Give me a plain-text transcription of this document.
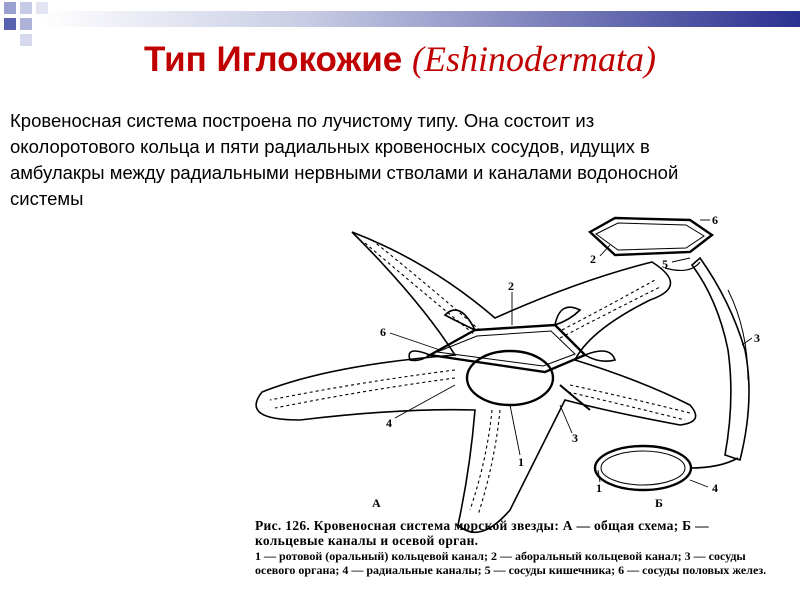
Тип Иглокожие (Eshinodermata)
Кровеносная система построена по лучистому типу. Она состоит из околоротового кольца и пяти радиальных кровеносных сосудов, идущих в амбулакры между радиальными нервными стволами и каналами водоносной системы
2
6
4
1
3
А
6
2	5
3
1	4
Б
Рис. 126. Кровеносная система морской звезды: А — общая схема; Б — кольцевые каналы и осевой орган.
1 — ротовой (оральный) кольцевой канал; 2 — аборальный кольцевой канал; 3 — сосуды осевого органа; 4 — радиальные каналы; 5 — сосуды кишечника; 6 — сосуды половых желез.
